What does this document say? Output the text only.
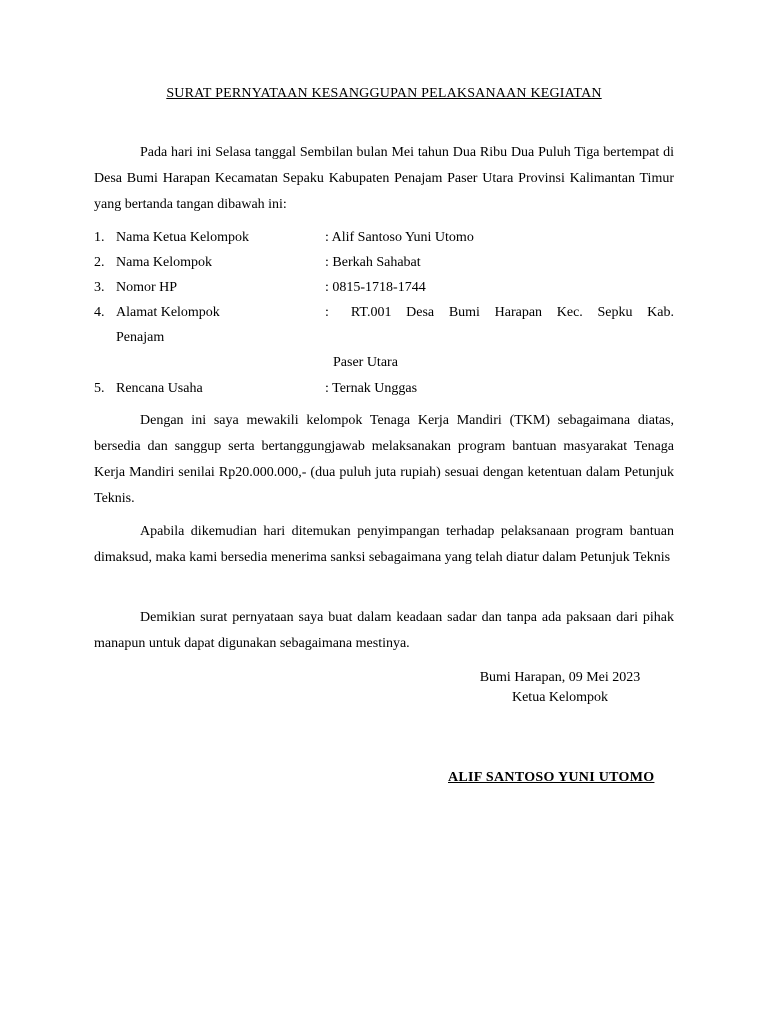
SURAT PERNYATAAN KESANGGUPAN PELAKSANAAN KEGIATAN

Pada hari ini Selasa tanggal Sembilan bulan Mei tahun Dua Ribu Dua Puluh Tiga bertempat di Desa Bumi Harapan Kecamatan Sepaku Kabupaten Penajam Paser Utara Provinsi Kalimantan Timur yang bertanda tangan dibawah ini:

1. Nama Ketua Kelompok	: Alif Santoso Yuni Utomo
2. Nama Kelompok	: Berkah Sahabat
3. Nomor HP	: 0815-1718-1744
4. Alamat Kelompok	:   RT.001  Desa  Bumi  Harapan  Kec.  Sepku  Kab.
Penajam
Paser Utara
5. Rencana Usaha	: Ternak Unggas

Dengan ini saya mewakili kelompok Tenaga Kerja Mandiri (TKM) sebagaimana diatas, bersedia dan sanggup serta bertanggungjawab melaksanakan program bantuan masyarakat Tenaga Kerja Mandiri senilai Rp20.000.000,- (dua puluh juta rupiah) sesuai dengan ketentuan dalam Petunjuk Teknis.

Apabila dikemudian hari ditemukan penyimpangan terhadap pelaksanaan program bantuan dimaksud, maka kami bersedia menerima sanksi sebagaimana yang telah diatur dalam Petunjuk Teknis

Demikian surat pernyataan saya buat dalam keadaan sadar dan tanpa ada paksaan dari pihak manapun untuk dapat digunakan sebagaimana mestinya.

Bumi Harapan, 09 Mei 2023
Ketua Kelompok
ALIF SANTOSO YUNI UTOMO
